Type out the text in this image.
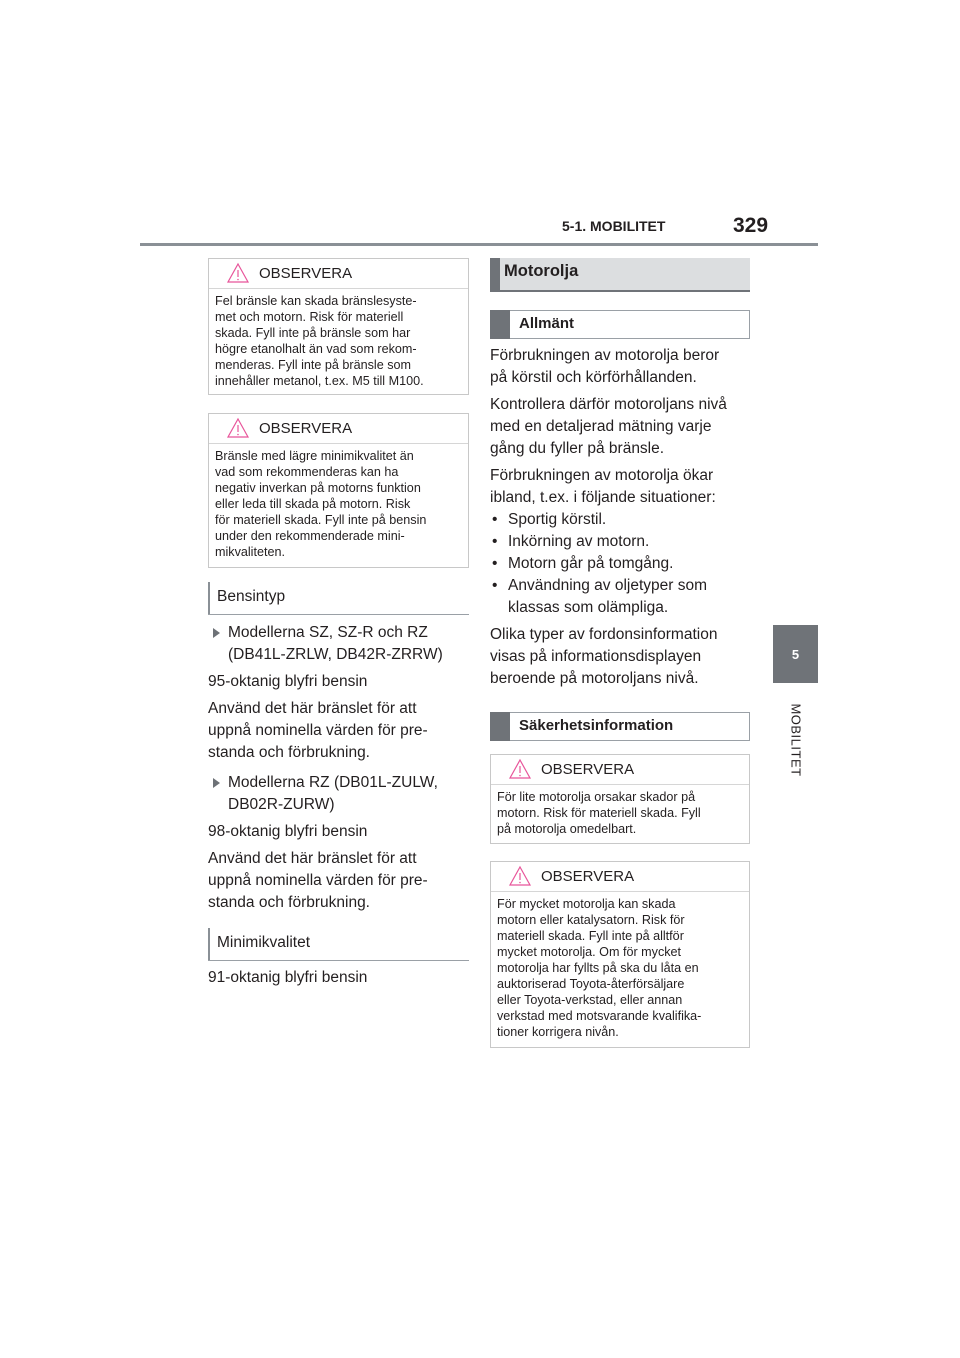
5-1. MOBILITET	329
5
MOBILITET
OBSERVERA
Fel bränsle kan skada bränslesyste-
met och motorn. Risk för materiell
skada. Fyll inte på bränsle som har
högre etanolhalt än vad som rekom-
menderas. Fyll inte på bränsle som
innehåller metanol, t.ex. M5 till M100.
OBSERVERA
Bränsle med lägre minimikvalitet än
vad som rekommenderas kan ha
negativ inverkan på motorns funktion
eller leda till skada på motorn. Risk
för materiell skada. Fyll inte på bensin
under den rekommenderade mini-
mikvaliteten.
Bensintyp
Modellerna SZ, SZ-R och RZ
(DB41L-ZRLW, DB42R-ZRRW)

95-oktanig blyfri bensin

Använd det här bränslet för att
uppnå nominella värden för pre-
standa och förbrukning.
Modellerna RZ (DB01L-ZULW,
DB02R-ZURW)

98-oktanig blyfri bensin

Använd det här bränslet för att
uppnå nominella värden för pre-
standa och förbrukning.
Minimikvalitet

91-oktanig blyfri bensin

Motorolja
Allmänt
Förbrukningen av motorolja beror
på körstil och körförhållanden.
Kontrollera därför motoroljans nivå
med en detaljerad mätning varje
gång du fyller på bränsle.
Förbrukningen av motorolja ökar
ibland, t.ex. i följande situationer:
• Sportig körstil.
• Inkörning av motorn.
• Motorn går på tomgång.
• Användning av oljetyper som klassas som olämpliga.
Olika typer av fordonsinformation
visas på informationsdisplayen
beroende på motoroljans nivå.
Säkerhetsinformation
OBSERVERA
För lite motorolja orsakar skador på
motorn. Risk för materiell skada. Fyll
på motorolja omedelbart.
OBSERVERA
För mycket motorolja kan skada
motorn eller katalysatorn. Risk för
materiell skada. Fyll inte på alltför
mycket motorolja. Om för mycket
motorolja har fyllts på ska du låta en
auktoriserad Toyota-återförsäljare
eller Toyota-verkstad, eller annan
verkstad med motsvarande kvalifika-
tioner korrigera nivån.
